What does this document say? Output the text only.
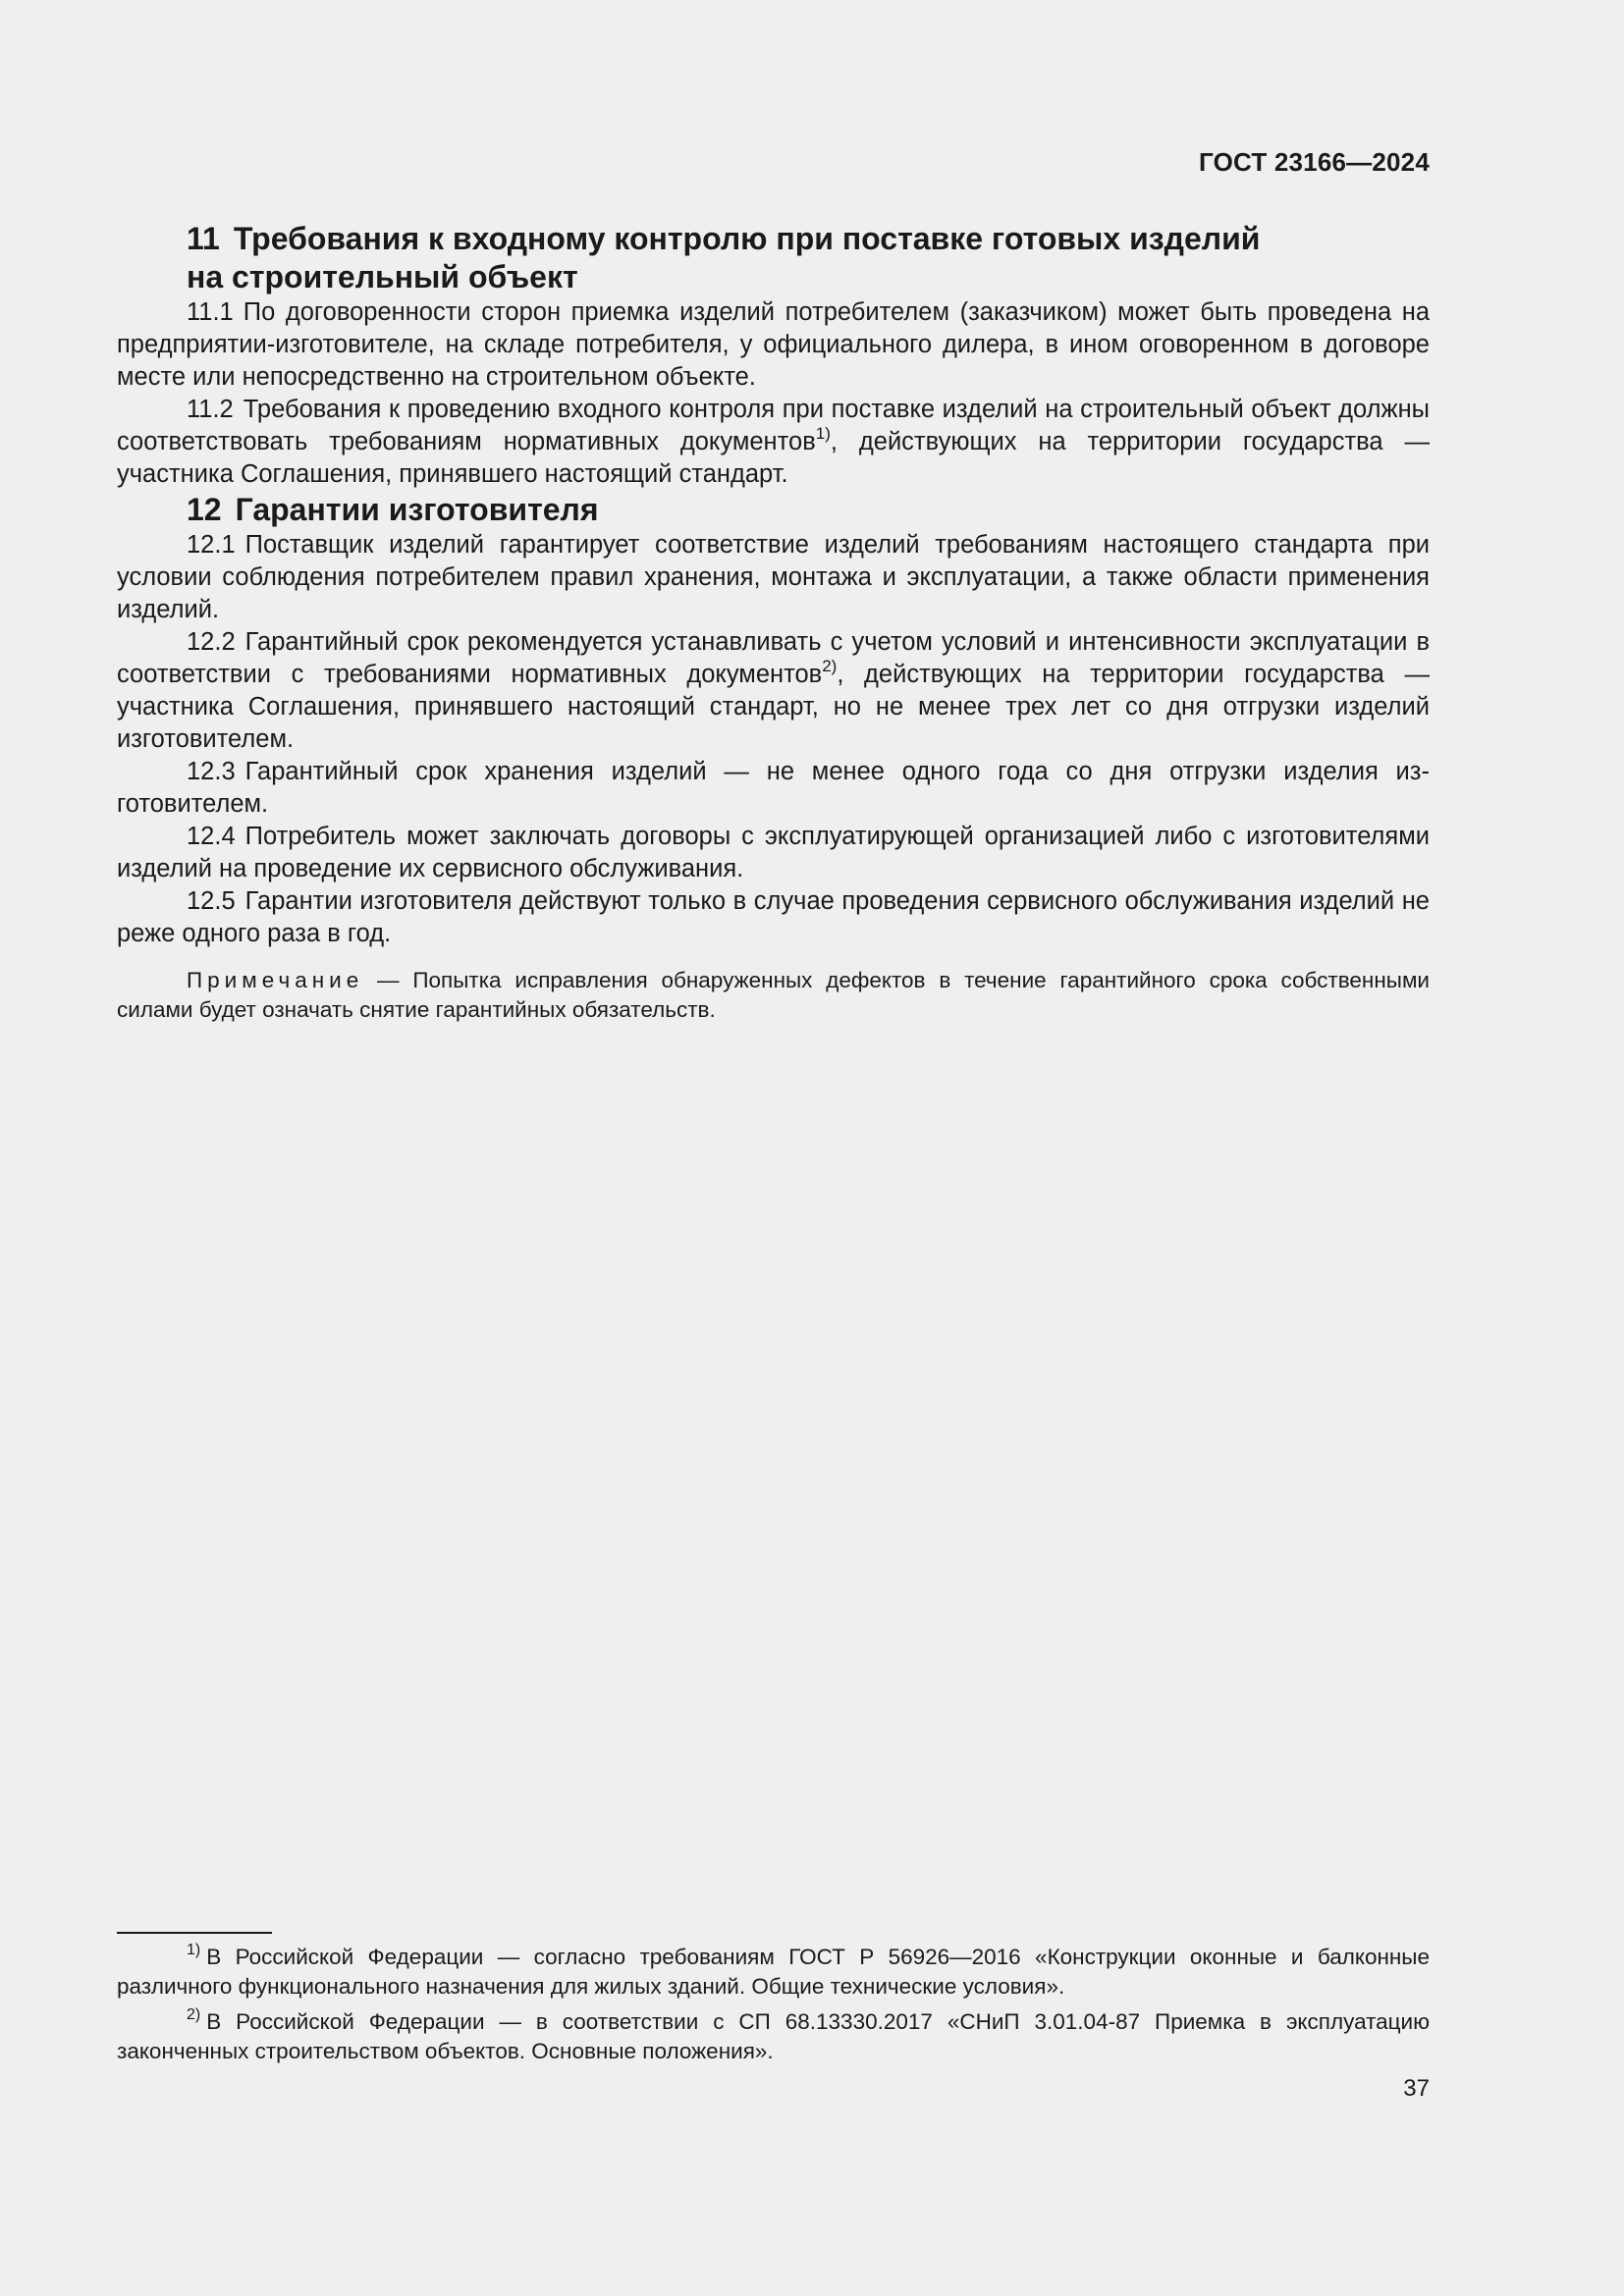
ГОСТ 23166—2024
11 Требования к входному контролю при поставке готовых изделий
на строительный объект

11.1 По договоренности сторон приемка изделий потребителем (заказчиком) может быть проведена на предприятии-изготовителе, на складе потребителя, у официального дилера, в ином оговоренном в договоре месте или непосредственно на строительном объекте.

11.2 Требования к проведению входного контроля при поставке изделий на строительный объект должны соответствовать требованиям нормативных документов$^{1)}$, действующих на территории государства — участника Соглашения, принявшего настоящий стандарт.

12 Гарантии изготовителя

12.1 Поставщик изделий гарантирует соответствие изделий требованиям настоящего стандарта при условии соблюдения потребителем правил хранения, монтажа и эксплуатации, а также области применения изделий.

12.2 Гарантийный срок рекомендуется устанавливать с учетом условий и интенсивности эксплуатации в соответствии с требованиями нормативных документов$^{2)}$, действующих на территории государства — участника Соглашения, принявшего настоящий стандарт, но не менее трех лет со дня отгрузки изделий изготовителем.

12.3 Гарантийный срок хранения изделий — не менее одного года со дня отгрузки изделия изготовителем.

12.4 Потребитель может заключать договоры с эксплуатирующей организацией либо с изготовителями изделий на проведение их сервисного обслуживания.

12.5 Гарантии изготовителя действуют только в случае проведения сервисного обслуживания изделий не реже одного раза в год.

Примечание — Попытка исправления обнаруженных дефектов в течение гарантийного срока собственными силами будет означать снятие гарантийных обязательств.

$^{1)}$ В Российской Федерации — согласно требованиям ГОСТ Р 56926—2016 «Конструкции оконные и балконные различного функционального назначения для жилых зданий. Общие технические условия».

$^{2)}$ В Российской Федерации — в соответствии с СП 68.13330.2017 «СНиП 3.01.04-87 Приемка в эксплуатацию законченных строительством объектов. Основные положения».

37
